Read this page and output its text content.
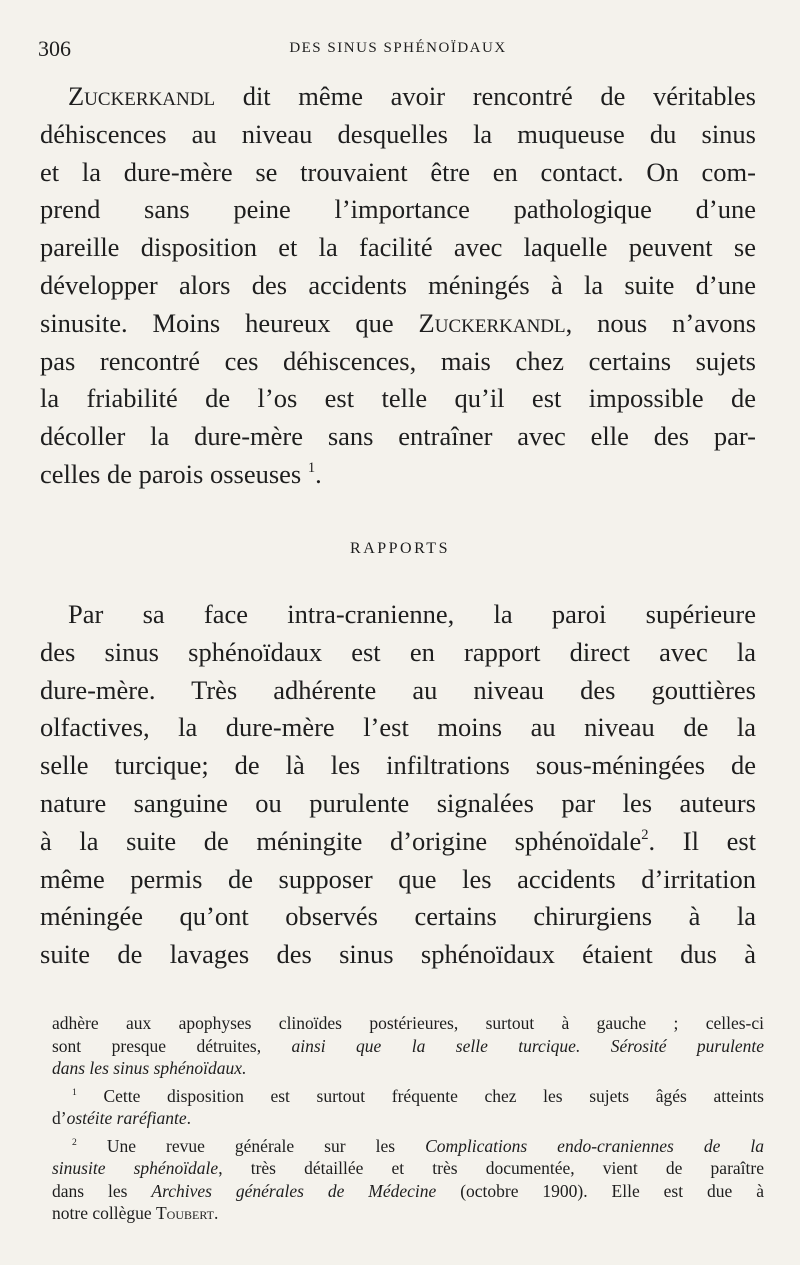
306	DES SINUS SPHÉNOÏDAUX
Zuckerkandl dit même avoir rencontré de véritables
déhiscences au niveau desquelles la muqueuse du sinus
et la dure-mère se trouvaient être en contact. On com-
prend sans peine l’importance pathologique d’une
pareille disposition et la facilité avec laquelle peuvent se
développer alors des accidents méningés à la suite d’une
sinusite. Moins heureux que Zuckerkandl, nous n’avons
pas rencontré ces déhiscences, mais chez certains sujets
la friabilité de l’os est telle qu’il est impossible de
décoller la dure-mère sans entraîner avec elle des par-
celles de parois osseuses $^1$.
RAPPORTS
Par sa face intra-cranienne, la paroi supérieure
des sinus sphénoïdaux est en rapport direct avec la
dure-mère. Très adhérente au niveau des gouttières
olfactives, la dure-mère l’est moins au niveau de la
selle turcique; de là les infiltrations sous-méningées de
nature sanguine ou purulente signalées par les auteurs
à la suite de méningite d’origine sphénoïdale$^2$. Il est
même permis de supposer que les accidents d’irritation
méningée qu’ont observés certains chirurgiens à la
suite de lavages des sinus sphénoïdaux étaient dus à
adhère aux apophyses clinoïdes postérieures, surtout à gauche ; celles-ci
sont presque détruites, ainsi que la selle turcique. Sérosité purulente
dans les sinus sphénoïdaux.
$^1$ Cette disposition est surtout fréquente chez les sujets âgés atteints
d’ostéite raréfiante.
$^2$ Une revue générale sur les Complications endo-craniennes de la
sinusite sphénoïdale, très détaillée et très documentée, vient de paraître
dans les Archives générales de Médecine (octobre 1900). Elle est due à
notre collègue Toubert.
